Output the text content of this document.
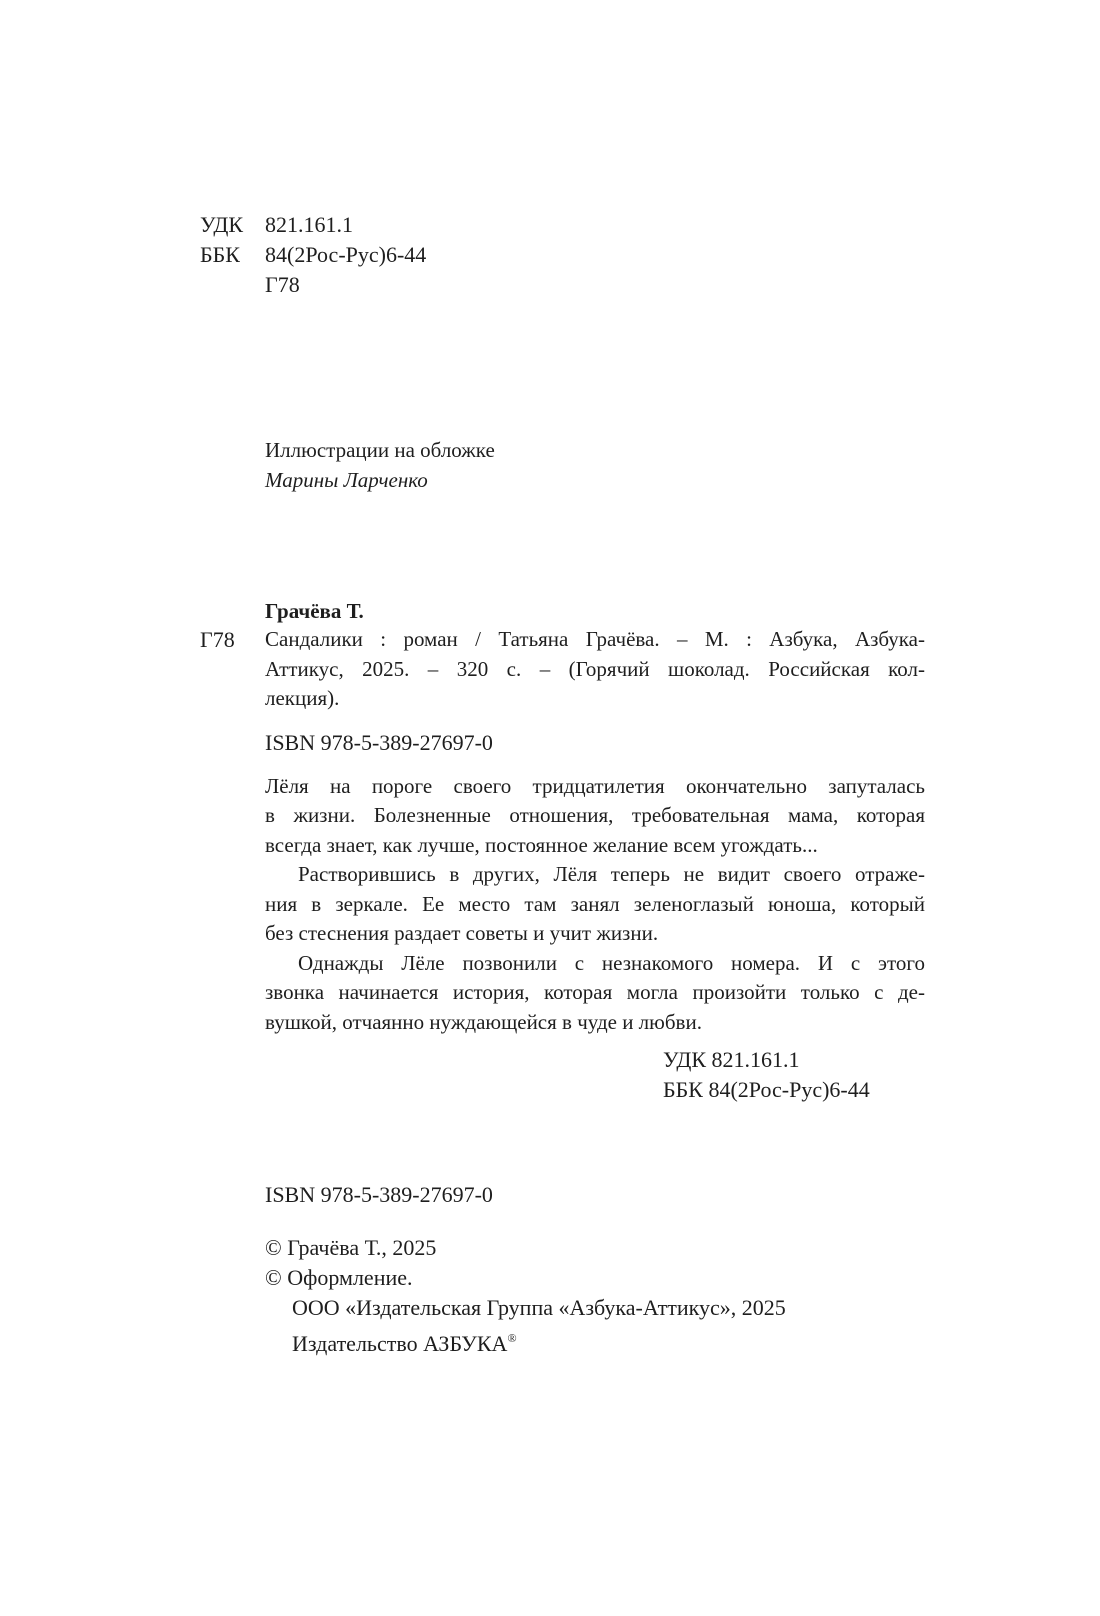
УДК 821.161.1
ББК	84(2Рос-Рус)6-44
Г78
Иллюстрации на обложке
Марины Ларченко
Грачёва Т.
Г78 Сандалики : роман / Татьяна Грачёва. – М. : Азбука, Азбука-
Аттикус, 2025. – 320 с. – (Горячий шоколад. Российская кол-
лекция).
ISBN 978-5-389-27697-0
Лёля на пороге своего тридцатилетия окончательно запуталась
в жизни. Болезненные отношения, требовательная мама, которая
всегда знает, как лучше, постоянное желание всем угождать...
Растворившись в других, Лёля теперь не видит своего отраже-
ния в зеркале. Ее место там занял зеленоглазый юноша, который
без стеснения раздает советы и учит жизни.
Однажды Лёле позвонили с незнакомого номера. И с этого
звонка начинается история, которая могла произойти только с де-
вушкой, отчаянно нуждающейся в чуде и любви.
УДК 821.161.1
ББК 84(2Рос-Рус)6-44
ISBN 978-5-389-27697-0
© Грачёва Т., 2025
© Оформление.
ООО «Издательская Группа «Азбука-Аттикус», 2025
Издательство АЗБУКА®
